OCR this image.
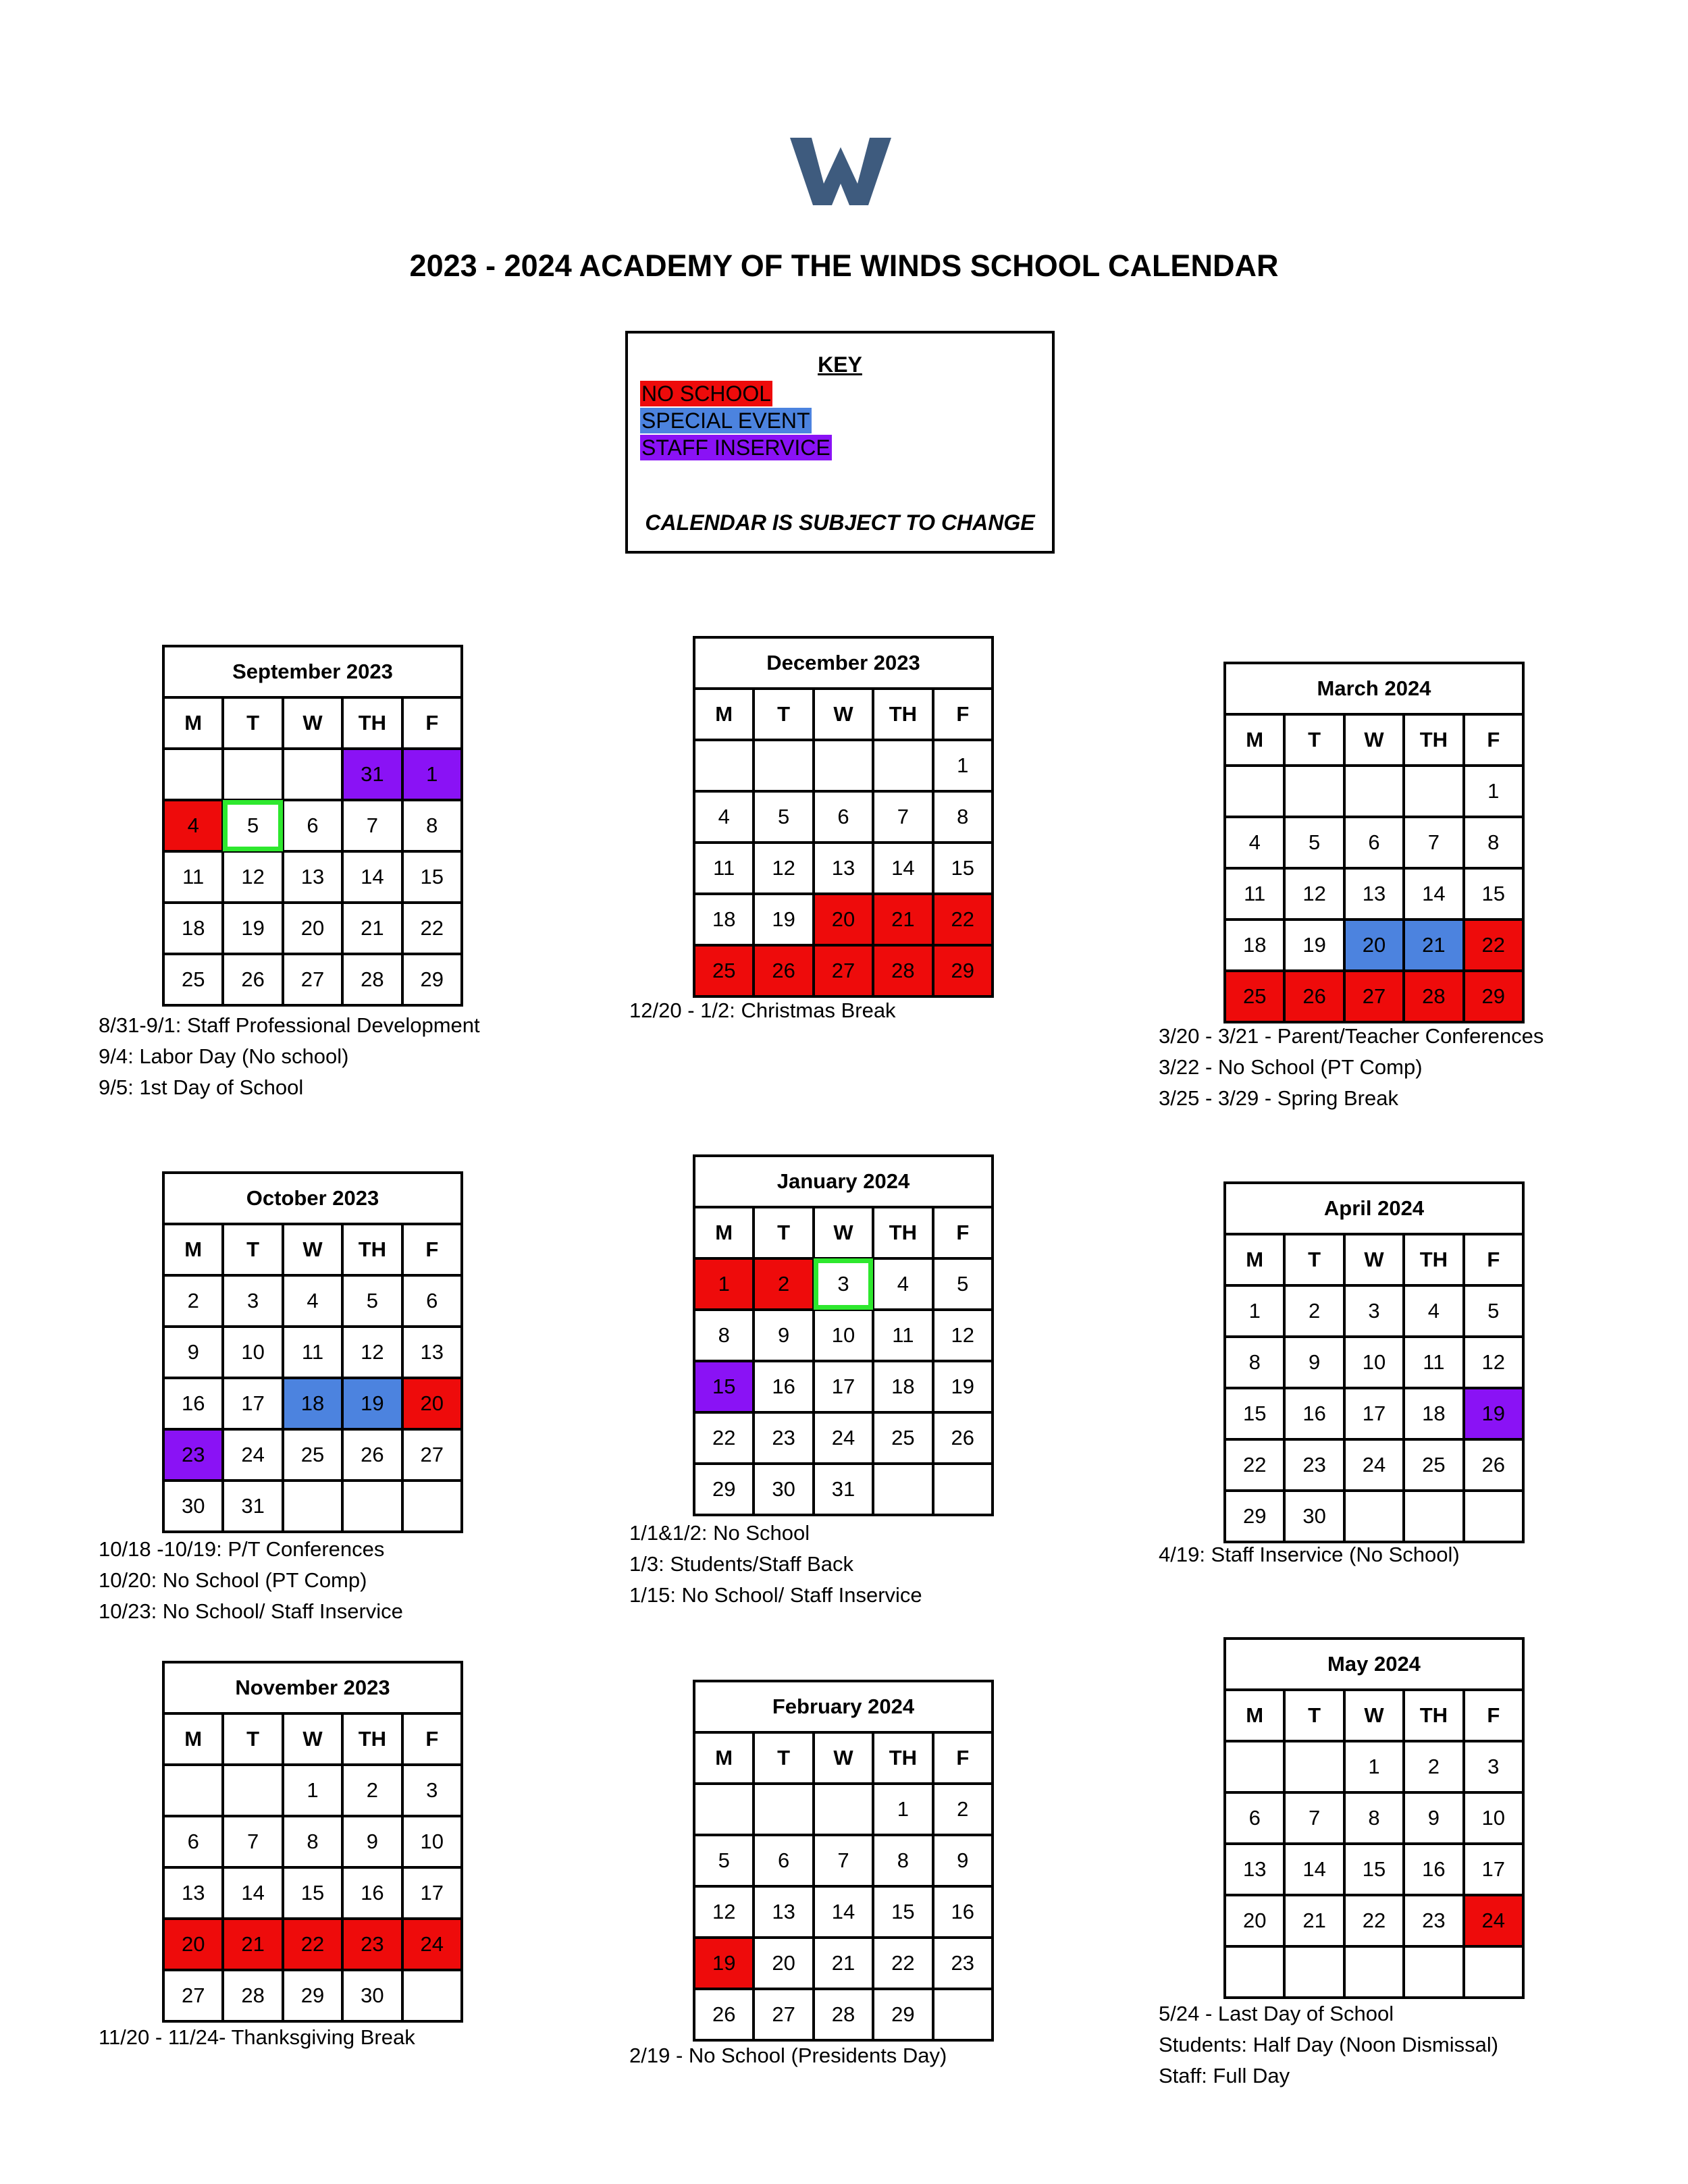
2023 - 2024 ACADEMY OF THE WINDS SCHOOL CALENDAR
KEY
NO SCHOOL
SPECIAL EVENT
STAFF INSERVICE
CALENDAR IS SUBJECT TO CHANGE
September 2023				
M	T	W	TH	F
			31	1
4	5	6	7	8
11	12	13	14	15
18	19	20	21	22
25	26	27	28	29
8/31-9/1: Staff Professional Development
9/4: Labor Day (No school)
9/5: 1st Day of School
October 2023				
M	T	W	TH	F
2	3	4	5	6
9	10	11	12	13
16	17	18	19	20
23	24	25	26	27
30	31			
10/18 -10/19: P/T Conferences
10/20: No School (PT Comp)
10/23: No School/ Staff Inservice
November 2023				
M	T	W	TH	F
		1	2	3
6	7	8	9	10
13	14	15	16	17
20	21	22	23	24
27	28	29	30	
11/20 - 11/24- Thanksgiving Break
December 2023				
M	T	W	TH	F
				1
4	5	6	7	8
11	12	13	14	15
18	19	20	21	22
25	26	27	28	29
12/20 - 1/2: Christmas Break
January 2024				
M	T	W	TH	F
1	2	3	4	5
8	9	10	11	12
15	16	17	18	19
22	23	24	25	26
29	30	31		
1/1&1/2: No School
1/3: Students/Staff Back
1/15: No School/ Staff Inservice
February 2024				
M	T	W	TH	F
			1	2
5	6	7	8	9
12	13	14	15	16
19	20	21	22	23
26	27	28	29	
2/19 - No School (Presidents Day)
March 2024				
M	T	W	TH	F
				1
4	5	6	7	8
11	12	13	14	15
18	19	20	21	22
25	26	27	28	29
3/20 - 3/21 - Parent/Teacher Conferences
3/22 - No School (PT Comp)
3/25 - 3/29 - Spring Break
April 2024				
M	T	W	TH	F
1	2	3	4	5
8	9	10	11	12
15	16	17	18	19
22	23	24	25	26
29	30			
4/19: Staff Inservice (No School)
May 2024				
M	T	W	TH	F
		1	2	3
6	7	8	9	10
13	14	15	16	17
20	21	22	23	24

5/24 - Last Day of School
Students: Half Day (Noon Dismissal)
Staff: Full Day
